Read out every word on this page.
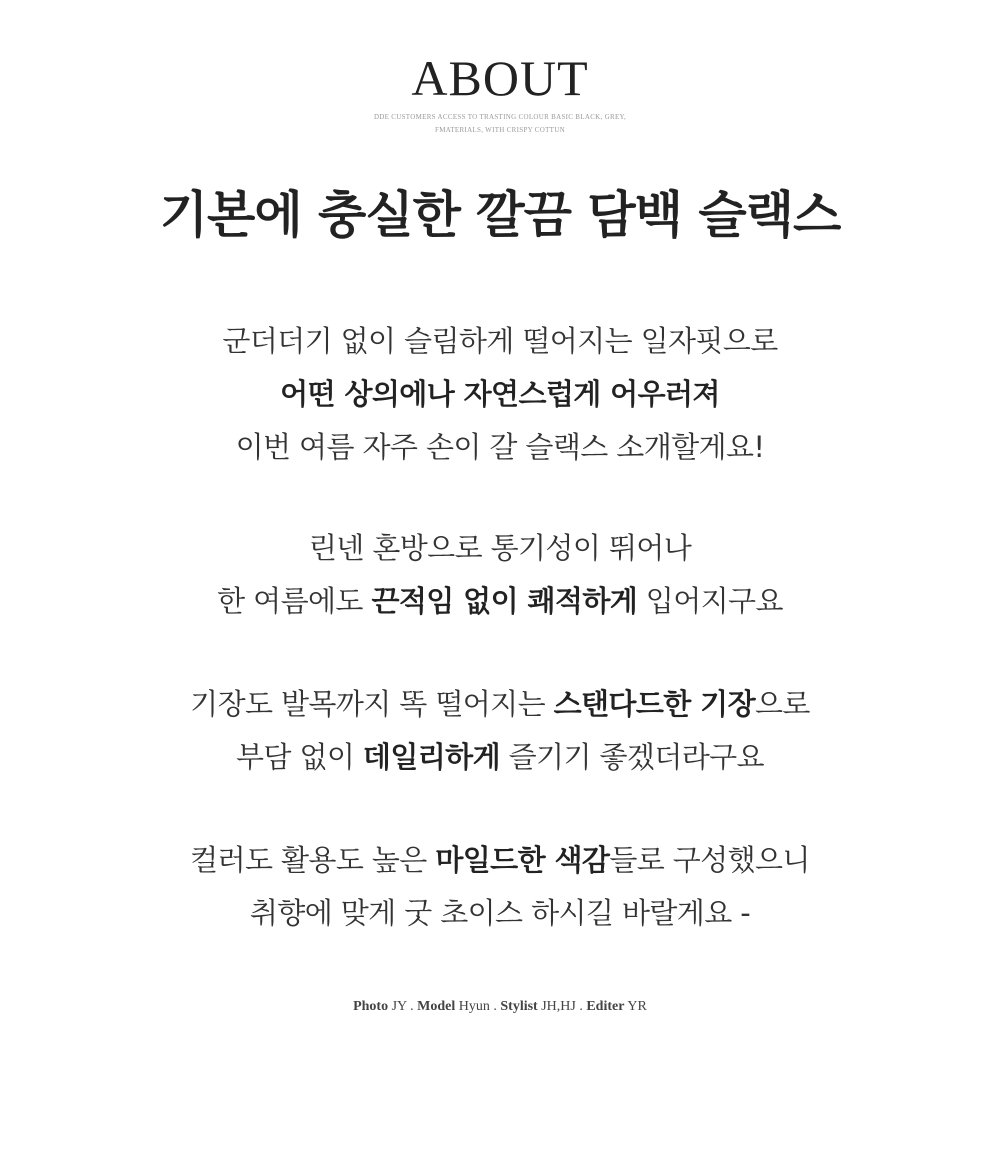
ABOUT
DDE CUSTOMERS ACCESS TO TRASTING COLOUR BASIC BLACK, GREY,
FMATERIALS, WITH CRISPY COTTUN
기본에 충실한 깔끔 담백 슬랙스
군더더기 없이 슬림하게 떨어지는 일자핏으로
어떤 상의에나 자연스럽게 어우러져
이번 여름 자주 손이 갈 슬랙스 소개할게요!
린넨 혼방으로 통기성이 뛰어나
한 여름에도 끈적임 없이 쾌적하게 입어지구요
기장도 발목까지 똑 떨어지는 스탠다드한 기장으로
부담 없이 데일리하게 즐기기 좋겠더라구요
컬러도 활용도 높은 마일드한 색감들로 구성했으니
취향에 맞게 굿 초이스 하시길 바랄게요 -
Photo JY . Model Hyun . Stylist JH,HJ . Editer YR
